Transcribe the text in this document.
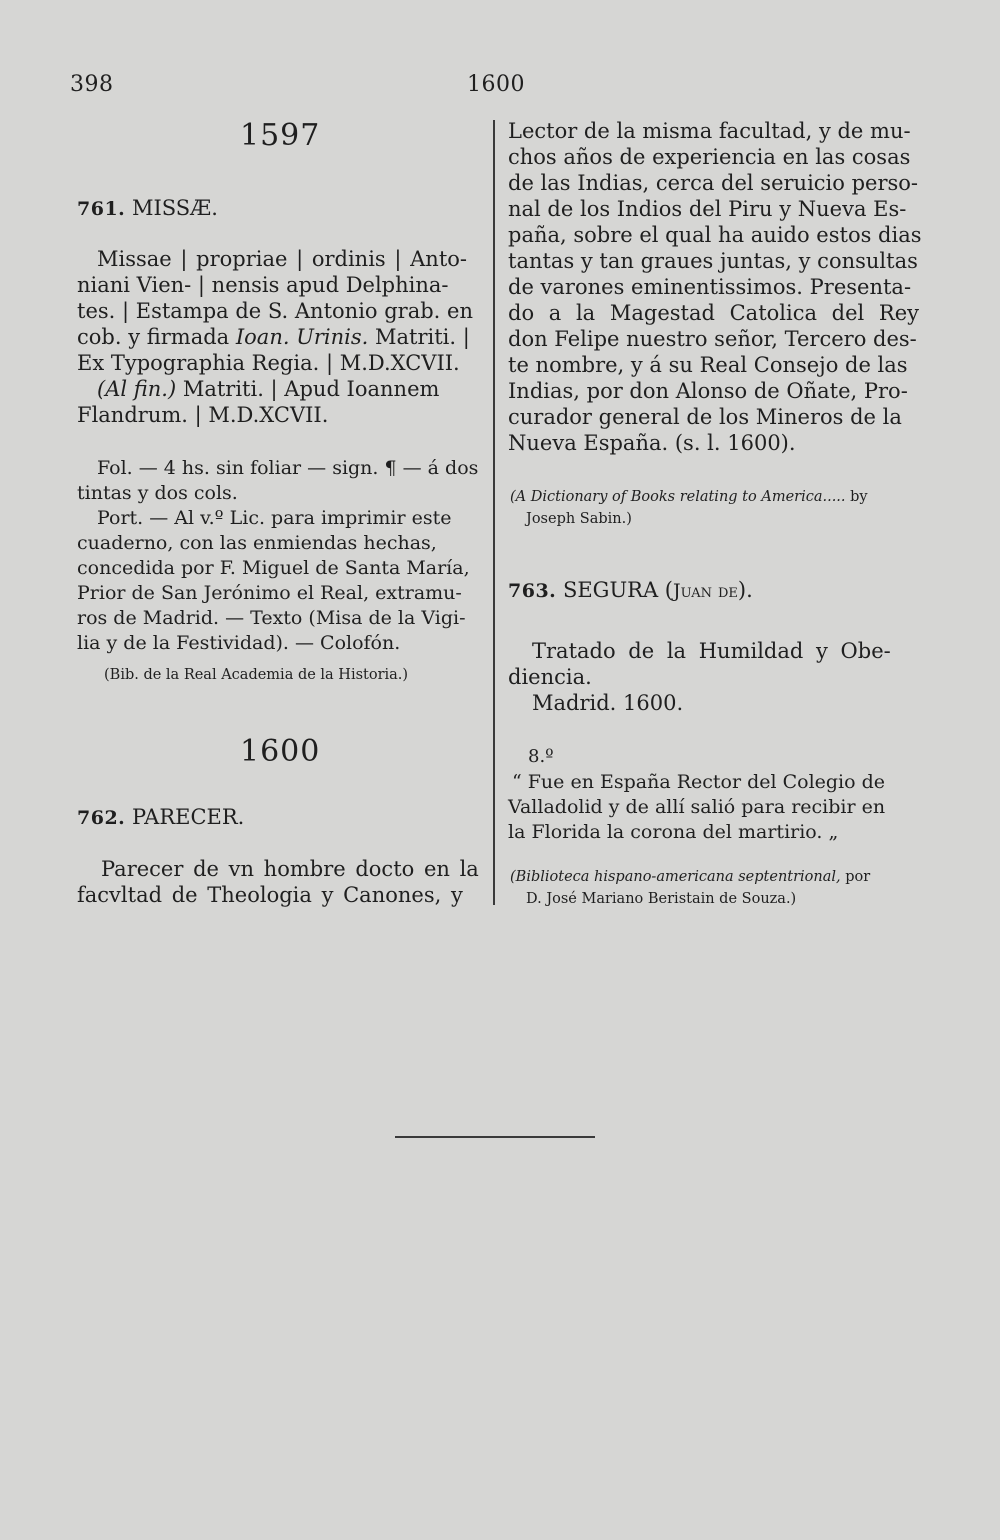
398	1600
1597
761. MISSÆ.
Missae | propriae | ordinis | Anto-
niani Vien- | nensis apud Delphina-
tes. | Estampa de S. Antonio grab. en
cob. y firmada Ioan. Urinis. Matriti. |
Ex Typographia Regia. | M.D.XCVII.
(Al fin.) Matriti. | Apud Ioannem
Flandrum. | M.D.XCVII.
Fol. — 4 hs. sin foliar — sign. ¶ — á dos
tintas y dos cols.
Port. — Al v.º Lic. para imprimir este
cuaderno, con las enmiendas hechas,
concedida por F. Miguel de Santa María,
Prior de San Jerónimo el Real, extramu-
ros de Madrid. — Texto (Misa de la Vigi-
lia y de la Festividad). — Colofón.
(Bib. de la Real Academia de la Historia.)
1600
762. PARECER.
Parecer de vn hombre docto en la
facvltad de Theologia y Canones, y
Lector de la misma facultad, y de mu-
chos años de experiencia en las cosas
de las Indias, cerca del seruicio perso-
nal de los Indios del Piru y Nueva Es-
paña, sobre el qual ha auido estos dias
tantas y tan graues juntas, y consultas
de varones eminentissimos. Presenta-
do a la Magestad Catolica del Rey
don Felipe nuestro señor, Tercero des-
te nombre, y á su Real Consejo de las
Indias, por don Alonso de Oñate, Pro-
curador general de los Mineros de la
Nueva España. (s. l. 1600).
(A Dictionary of Books relating to America..... by
Joseph Sabin.)
763. SEGURA (Juan de).
Tratado de la Humildad y Obe-
diencia.
Madrid. 1600.
8.º
“ Fue en España Rector del Colegio de
Valladolid y de allí salió para recibir en
la Florida la corona del martirio. „
(Biblioteca hispano-americana septentrional, por
D. José Mariano Beristain de Souza.)
